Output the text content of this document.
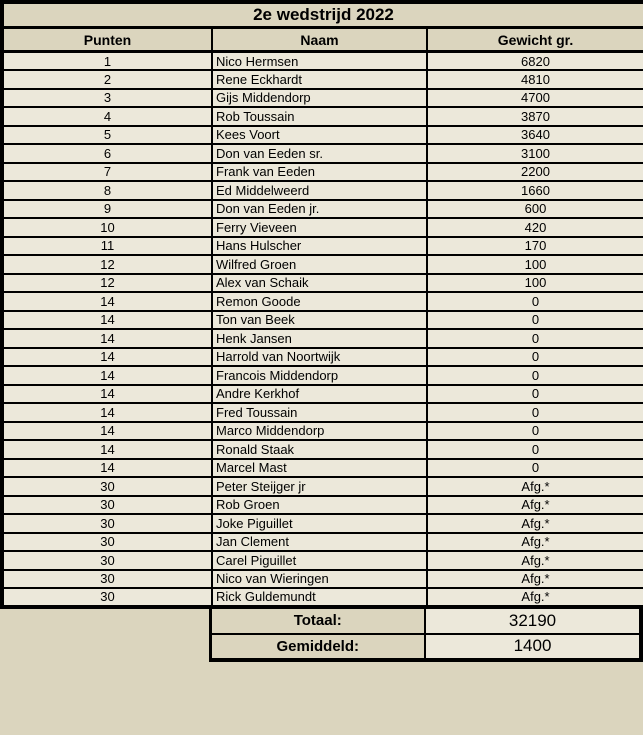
2e wedstrijd 2022		
Punten	Naam	Gewicht gr.
1	Nico Hermsen	6820
2	Rene Eckhardt	4810
3	Gijs Middendorp	4700
4	Rob Toussain	3870
5	Kees Voort	3640
6	Don van Eeden sr.	3100
7	Frank van Eeden	2200
8	Ed Middelweerd	1660
9	Don van Eeden jr.	600
10	Ferry Vieveen	420
11	Hans Hulscher	170
12	Wilfred Groen	100
12	Alex van Schaik	100
14	Remon Goode	0
14	Ton van Beek	0
14	Henk Jansen	0
14	Harrold van Noortwijk	0
14	Francois Middendorp	0
14	Andre Kerkhof	0
14	Fred Toussain	0
14	Marco Middendorp	0
14	Ronald Staak	0
14	Marcel Mast	0
30	Peter Steijger jr	Afg.*
30	Rob Groen	Afg.*
30	Joke Piguillet	Afg.*
30	Jan Clement	Afg.*
30	Carel Piguillet	Afg.*
30	Nico van Wieringen	Afg.*
30	Rick Guldemundt	Afg.*
Totaal:	32190
Gemiddeld:	1400
